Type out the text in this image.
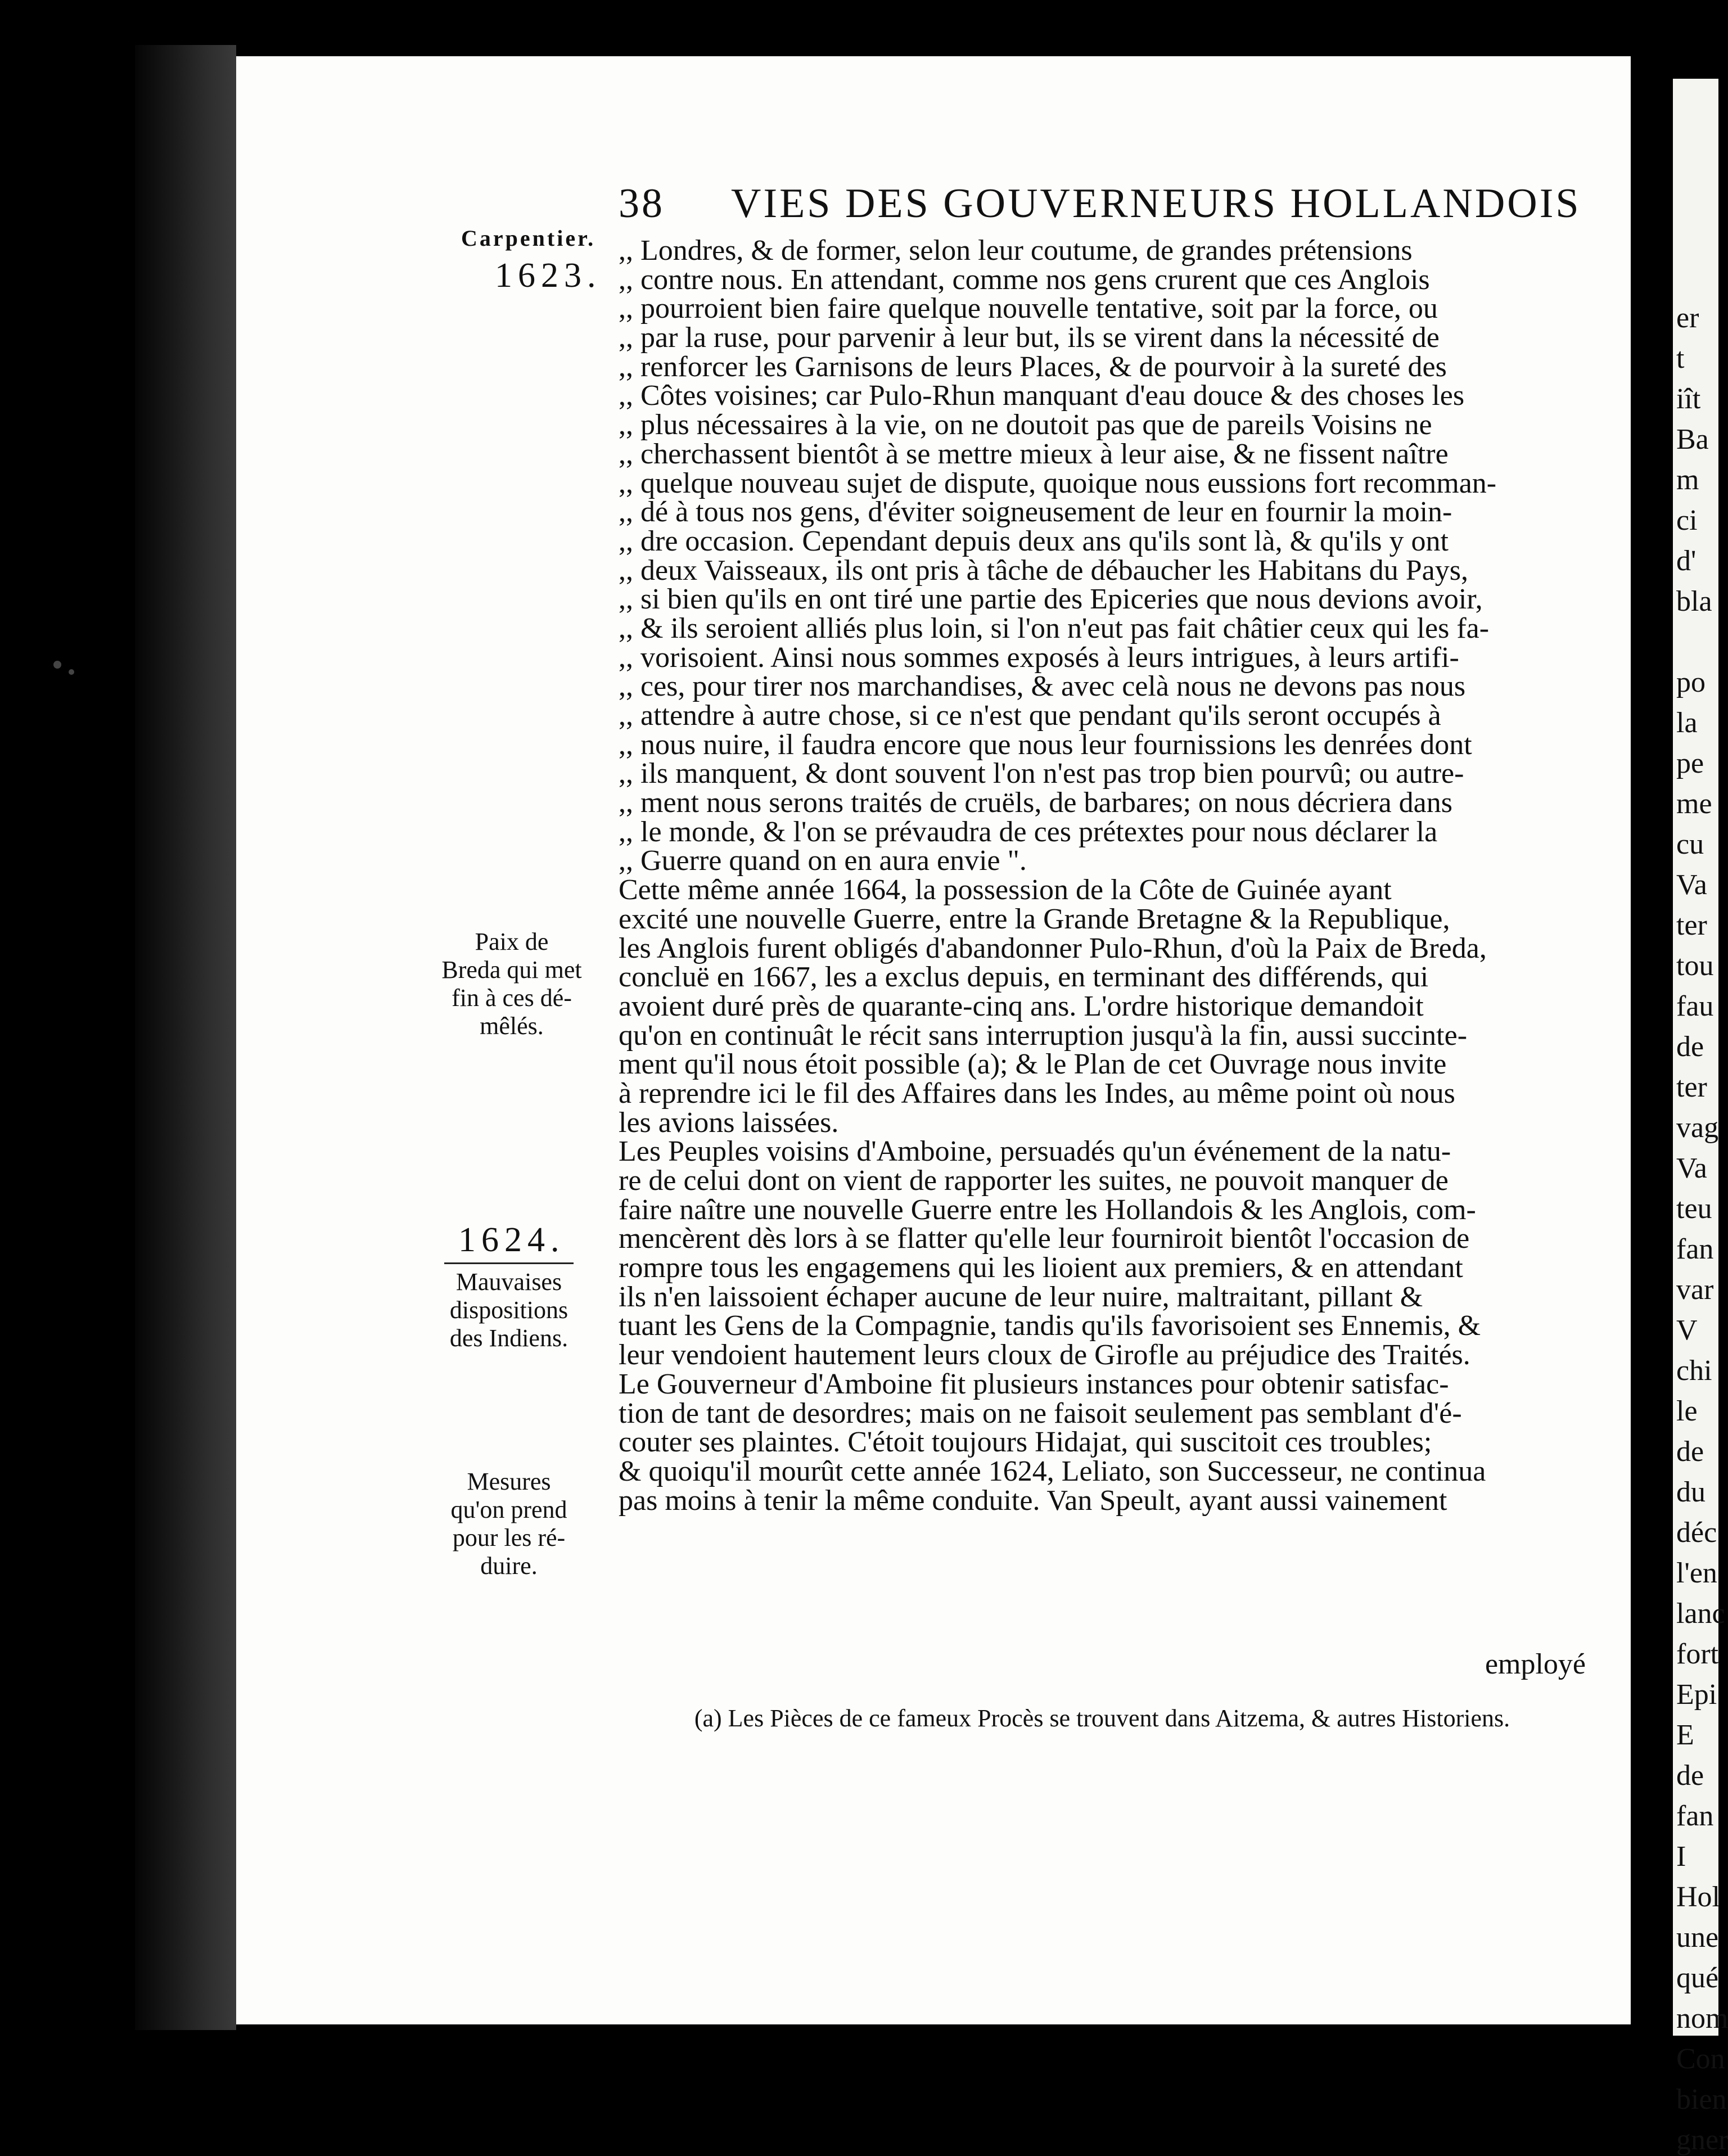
er
t
iît
Ba
m
ci
d'
bla
po
la
pe
me
cu
Va
ter
tou
fau
de
ter
vag
Va
teu
fan
var
V
chi
le
de
du
déc
l'en
lanc
fort
Epi
E
de
fan
I
Hol
une
qué
nom
Con
bien
gner
38 VIES DES GOUVERNEURS HOLLANDOIS
Carpentier.
1623.
Paix de
Breda qui met
fin à ces dé-
mêlés.
1624.
Mauvaises
dispositions
des Indiens.
Mesures
qu'on prend
pour les ré-
duire.
,, Londres, & de former, selon leur coutume, de grandes prétensions
,, contre nous. En attendant, comme nos gens crurent que ces Anglois
,, pourroient bien faire quelque nouvelle tentative, soit par la force, ou
,, par la ruse, pour parvenir à leur but, ils se virent dans la nécessité de
,, renforcer les Garnisons de leurs Places, & de pourvoir à la sureté des
,, Côtes voisines; car Pulo-Rhun manquant d'eau douce & des choses les
,, plus nécessaires à la vie, on ne doutoit pas que de pareils Voisins ne
,, cherchassent bientôt à se mettre mieux à leur aise, & ne fissent naître
,, quelque nouveau sujet de dispute, quoique nous eussions fort recomman-
,, dé à tous nos gens, d'éviter soigneusement de leur en fournir la moin-
,, dre occasion. Cependant depuis deux ans qu'ils sont là, & qu'ils y ont
,, deux Vaisseaux, ils ont pris à tâche de débaucher les Habitans du Pays,
,, si bien qu'ils en ont tiré une partie des Epiceries que nous devions avoir,
,, & ils seroient alliés plus loin, si l'on n'eut pas fait châtier ceux qui les fa-
,, vorisoient. Ainsi nous sommes exposés à leurs intrigues, à leurs artifi-
,, ces, pour tirer nos marchandises, & avec celà nous ne devons pas nous
,, attendre à autre chose, si ce n'est que pendant qu'ils seront occupés à
,, nous nuire, il faudra encore que nous leur fournissions les denrées dont
,, ils manquent, & dont souvent l'on n'est pas trop bien pourvû; ou autre-
,, ment nous serons traités de cruëls, de barbares; on nous décriera dans
,, le monde, & l'on se prévaudra de ces prétextes pour nous déclarer la
,, Guerre quand on en aura envie ".
Cette même année 1664, la possession de la Côte de Guinée ayant
excité une nouvelle Guerre, entre la Grande Bretagne & la Republique,
les Anglois furent obligés d'abandonner Pulo-Rhun, d'où la Paix de Breda,
concluë en 1667, les a exclus depuis, en terminant des différends, qui
avoient duré près de quarante-cinq ans. L'ordre historique demandoit
qu'on en continuât le récit sans interruption jusqu'à la fin, aussi succinte-
ment qu'il nous étoit possible (a); & le Plan de cet Ouvrage nous invite
à reprendre ici le fil des Affaires dans les Indes, au même point où nous
les avions laissées.
Les Peuples voisins d'Amboine, persuadés qu'un événement de la natu-
re de celui dont on vient de rapporter les suites, ne pouvoit manquer de
faire naître une nouvelle Guerre entre les Hollandois & les Anglois, com-
mencèrent dès lors à se flatter qu'elle leur fourniroit bientôt l'occasion de
rompre tous les engagemens qui les lioient aux premiers, & en attendant
ils n'en laissoient échaper aucune de leur nuire, maltraitant, pillant &
tuant les Gens de la Compagnie, tandis qu'ils favorisoient ses Ennemis, &
leur vendoient hautement leurs cloux de Girofle au préjudice des Traités.
Le Gouverneur d'Amboine fit plusieurs instances pour obtenir satisfac-
tion de tant de desordres; mais on ne faisoit seulement pas semblant d'é-
couter ses plaintes. C'étoit toujours Hidajat, qui suscitoit ces troubles;
& quoiqu'il mourût cette année 1624, Leliato, son Successeur, ne continua
pas moins à tenir la même conduite. Van Speult, ayant aussi vainement
employé
(a) Les Pièces de ce fameux Procès se trouvent dans Aitzema, & autres Historiens.
